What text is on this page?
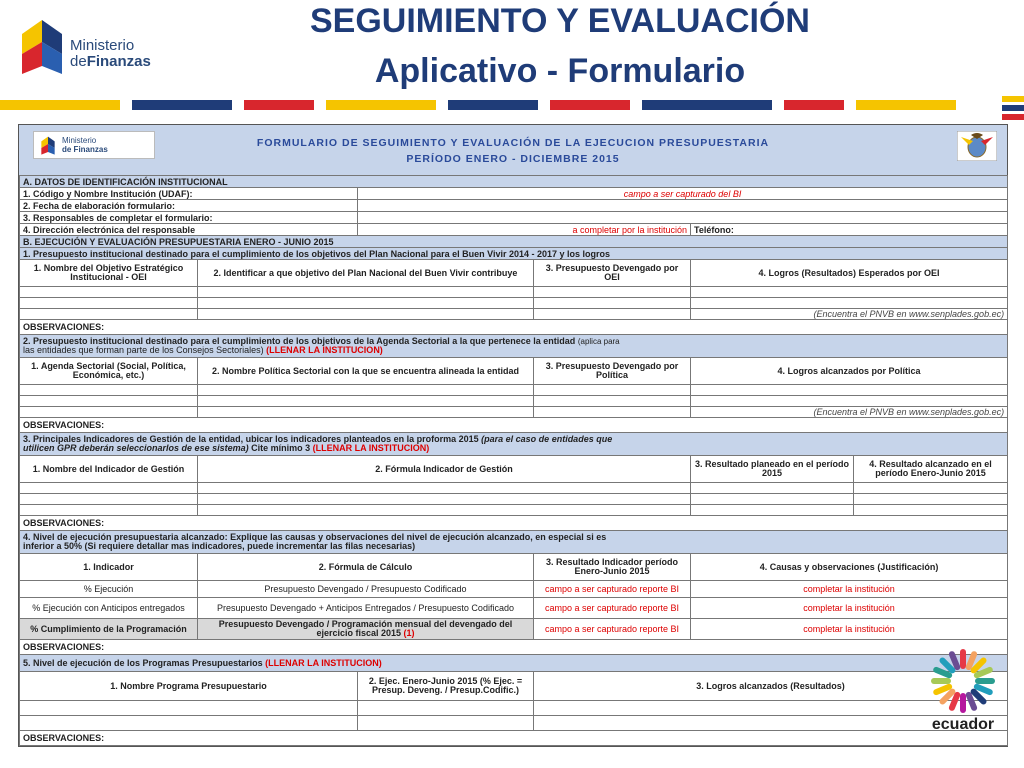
Ministerio
deFinanzas
SEGUIMIENTO Y EVALUACIÓN
Aplicativo - Formulario
Ministerio
de Finanzas
FORMULARIO DE SEGUIMIENTO Y EVALUACIÓN DE LA EJECUCION PRESUPUESTARIA
PERÍODO ENERO - DICIEMBRE 2015
A. DATOS DE IDENTIFICACIÓN INSTITUCIONAL					
1. Código y Nombre Institución (UDAF):		campo a ser capturado del BI			
2. Fecha de elaboración formulario:					
3. Responsables de completar el formulario:					
4. Dirección electrónica del responsable		a completar por la institución		Teléfono:	
B. EJECUCIÓN Y EVALUACIÓN PRESUPUESTARIA ENERO - JUNIO 2015					
1. Presupuesto institucional destinado para el cumplimiento de los objetivos del Plan Nacional para el Buen Vivir 2014 - 2017 y los logros					
1. Nombre del Objetivo Estratégico Institucional - OEI	2. Identificar a que objetivo del Plan Nacional del Buen Vivir contribuye		3. Presupuesto Devengado por OEI	4. Logros (Resultados) Esperados por OEI	

				(Encuentra el PNVB en www.senplades.gob.ec)	
OBSERVACIONES:					
2. Presupuesto institucional destinado para el cumplimiento de los objetivos de la Agenda Sectorial a la que pertenece la entidad (aplica para
las entidades que forman parte de los Consejos Sectoriales) (LLENAR LA INSTITUCION)					
1. Agenda Sectorial (Social, Política, Económica, etc.)	2. Nombre Política Sectorial con la que se encuentra alineada la entidad		3. Presupuesto Devengado por Política	4. Logros alcanzados por Política	

				(Encuentra el PNVB en www.senplades.gob.ec)	
OBSERVACIONES:					
3. Principales Indicadores de Gestión de la entidad, ubicar los indicadores planteados en la proforma 2015 (para el caso de entidades que
utilicen GPR deberán seleccionarlos de ese sistema) Cite mínimo 3 (LLENAR LA INSTITUCION)					
1. Nombre del Indicador de Gestión	2. Fórmula Indicador de Gestión			3. Resultado planeado en el período 2015	4. Resultado alcanzado en el período Enero-Junio 2015

OBSERVACIONES:					
4. Nivel de ejecución presupuestaria alcanzado: Explique las causas y observaciones del nivel de ejecución alcanzado, en especial si es
inferior a 50% (Si requiere detallar mas indicadores, puede incrementar las filas necesarias)					
1. Indicador	2. Fórmula de Cálculo		3. Resultado Indicador período Enero-Junio 2015	4. Causas y observaciones (Justificación)	
% Ejecución	Presupuesto Devengado / Presupuesto Codificado		campo a ser capturado reporte BI	completar la institución	
% Ejecución con Anticipos entregados	Presupuesto Devengado + Anticipos Entregados / Presupuesto Codificado		campo a ser capturado reporte BI	completar la institución	
% Cumplimiento de la Programación	Presupuesto Devengado / Programación mensual del devengado del ejercicio fiscal 2015 (1)		campo a ser capturado reporte BI	completar la institución	
OBSERVACIONES:					
5. Nivel de ejecución de los Programas Presupuestarios (LLENAR LA INSTITUCION)					
1. Nombre Programa Presupuestario		2. Ejec. Enero-Junio 2015 (% Ejec. = Presup. Deveng. / Presup.Codific.)	3. Logros alcanzados (Resultados)		

OBSERVACIONES:					
ecuador
